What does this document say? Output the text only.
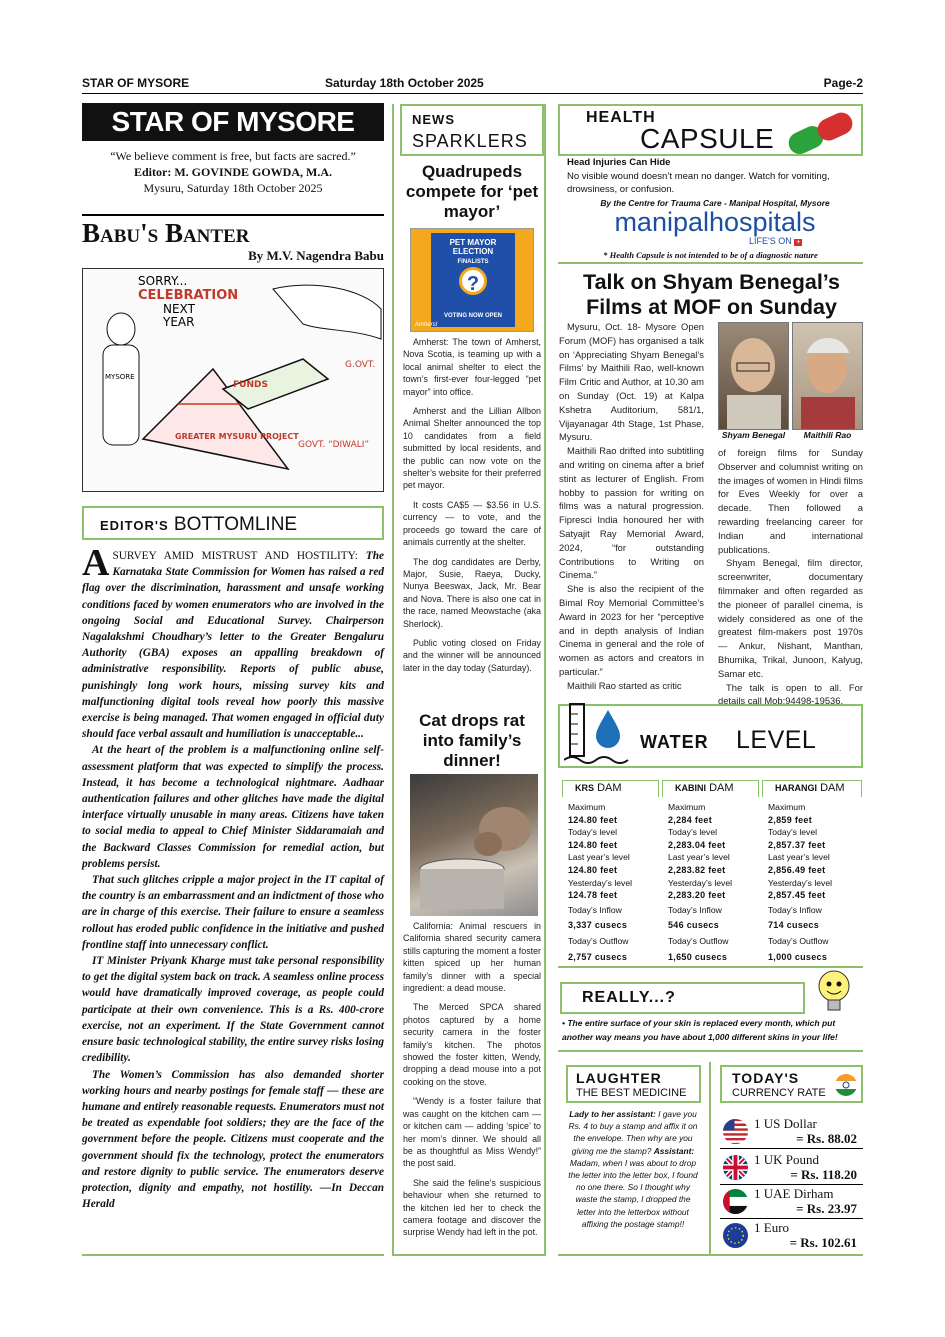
STAR OF MYSORE	Saturday 18th October 2025	Page-2
STAR OF MYSORE
“We believe comment is free, but facts are sacred.”
Editor: M. GOVINDE GOWDA, M.A.
Mysuru, Saturday 18th October 2025
Babu's Banter
By M.V. Nagendra Babu
SORRY...
CELEBRATION
NEXT
YEAR
G.OVT.
FUNDS
GREATER MYSURU PROJECT
GOVT. “DIWALI”
MYSORE
EDITOR'S BOTTOMLINE

ASURVEY AMID MISTRUST AND HOSTILITY: The Karnataka State Commission for Women has raised a red flag over the discrimination, harassment and unsafe working conditions faced by women enumerators who are involved in the ongoing Social and Educational Survey. Chairperson Nagalakshmi Choudhary’s letter to the Greater Bengaluru Authority (GBA) exposes an appalling breakdown of administrative responsibility. Reports of public abuse, punishingly long work hours, missing survey kits and malfunctioning digital tools reveal how poorly this massive exercise is being managed. That women engaged in official duty should face verbal assault and humiliation is unacceptable...

At the heart of the problem is a malfunctioning online self-assessment platform that was expected to simplify the process. Instead, it has become a technological nightmare. Aadhaar authentication failures and other glitches have made the digital interface virtually unusable in many areas. Citizens have taken to social media to appeal to Chief Minister Siddaramaiah and the Backward Classes Commission for remedial action, but problems persist.

That such glitches cripple a major project in the IT capital of the country is an embarrassment and an indictment of those who are in charge of this exercise. Their failure to ensure a seamless rollout has eroded public confidence in the initiative and pushed frontline staff into unnecessary conflict.

IT Minister Priyank Kharge must take personal responsibility to get the digital system back on track. A seamless online process would have dramatically improved coverage, as people could participate at their own convenience. This is a Rs. 400-crore exercise, not an experiment. If the State Government cannot ensure basic technological stability, the entire survey risks losing credibility.

The Women’s Commission has also demanded shorter working hours and nearby postings for female staff — these are humane and entirely reasonable requests. Enumerators must not be treated as expendable foot soldiers; they are the face of the government before the people. Citizens must cooperate and the government should fix the technology, protect the enumerators and restore dignity to public service. The enumerators deserve protection, dignity and empathy, not hostility. —In Deccan Herald

NEWS
SPARKLERS
Quadrupeds compete for ‘pet mayor’
PET MAYOR ELECTION
FINALISTS
?
VOTING NOW OPEN
Amherst

Amherst: The town of Amherst, Nova Scotia, is teaming up with a local animal shelter to elect the town’s first-ever four-legged “pet mayor” into office.

Amherst and the Lillian Allbon Animal Shelter announced the top 10 candidates from a field submitted by local residents, and the public can now vote on the shelter’s website for their preferred pet mayor.

It costs CA$5 — $3.56 in U.S. currency — to vote, and the proceeds go toward the care of animals currently at the shelter.

The dog candidates are Derby, Major, Susie, Raeya, Ducky, Nunya Beeswax, Jack, Mr. Bear and Nova. There is also one cat in the race, named Meowstache (aka Sherlock).

Public voting closed on Friday and the winner will be announced later in the day today (Saturday).

Cat drops rat into family’s dinner!

California: Animal rescuers in California shared security camera stills capturing the moment a foster kitten spiced up her human family’s dinner with a special ingredient: a dead mouse.

The Merced SPCA shared photos captured by a home security camera in the foster family’s kitchen. The photos showed the foster kitten, Wendy, dropping a dead mouse into a pot cooking on the stove.

“Wendy is a foster failure that was caught on the kitchen cam — or kitchen cam — adding ‘spice’ to her mom’s dinner. We should all be as thoughtful as Miss Wendy!” the post said.

She said the feline’s suspicious behaviour when she returned to the kitchen led her to check the camera footage and discover the surprise Wendy had left in the pot.

HEALTH
CAPSULE
Head Injuries Can Hide
No visible wound doesn’t mean no danger. Watch for vomiting, drowsiness, or confusion.
By the Centre for Trauma Care - Manipal Hospital, Mysore
manipalhospitals
LIFE'S ON +
* Health Capsule is not intended to be of a diagnostic nature
Talk on Shyam Benegal’s
Films at MOF on Sunday

Mysuru, Oct. 18- Mysore Open Forum (MOF) has organised a talk on ‘Appreciating Shyam Benegal’s Films’ by Maithili Rao, well-known Film Critic and Author, at 10.30 am on Sunday (Oct. 19) at Kalpa Kshetra Auditorium, 581/1, Vijayanagar 4th Stage, 1st Phase, Mysuru.

Maithili Rao drifted into subtitling and writing on cinema after a brief stint as lecturer of English. From hobby to passion for writing on films was a natural progression. Fipresci India honoured her with Satyajit Ray Memorial Award, 2024, “for outstanding Contributions to Writing on Cinema.”

She is also the recipient of the Bimal Roy Memorial Committee’s Award in 2023 for her “perceptive and in depth analysis of Indian Cinema in general and the role of women as actors and creators in particular.”

Maithili Rao started as critic

Shyam Benegal	Maithili Rao

of foreign films for Sunday Observer and columnist writing on the images of women in Hindi films for Eves Weekly for over a decade. Then followed a rewarding freelancing career for Indian and international publications.

Shyam Benegal, film director, screenwriter, documentary filmmaker and often regarded as the pioneer of parallel cinema, is widely considered as one of the greatest film-makers post 1970s — Ankur, Nishant, Manthan, Bhumika, Trikal, Junoon, Kalyug, Samar etc.

The talk is open to all. For details call Mob:94498-19536.

WATER LEVEL
KRS DAM
Maximum
124.80 feet
Today’s level
124.80 feet
Last year’s level
124.80 feet
Yesterday’s level
124.78 feet
Today’s Inflow
3,337 cusecs
Today’s Outflow
2,757 cusecs
KABINI DAM
Maximum
2,284 feet
Today’s level
2,283.04 feet
Last year’s level
2,283.82 feet
Yesterday’s level
2,283.20 feet
Today’s Inflow
546 cusecs
Today’s Outflow
1,650 cusecs
HARANGI DAM
Maximum
2,859 feet
Today’s level
2,857.37 feet
Last year’s level
2,856.49 feet
Yesterday’s level
2,857.45 feet
Today’s Inflow
714 cusecs
Today’s Outflow
1,000 cusecs
REALLY...?
• The entire surface of your skin is replaced every month, which put another way means you have about 1,000 different skins in your life!
LAUGHTER
THE BEST MEDICINE
Lady to her assistant: I gave you Rs. 4 to buy a stamp and affix it on the envelope. Then why are you giving me the stamp? Assistant: Madam, when I was about to drop the letter into the letter box, I found no one there. So I thought why waste the stamp, I dropped the letter into the letterbox without affixing the postage stamp!!
TODAY'S
CURRENCY RATE
1 US Dollar
= Rs. 88.02
1 UK Pound
= Rs. 118.20
1 UAE Dirham
= Rs. 23.97
1 Euro
= Rs. 102.61
